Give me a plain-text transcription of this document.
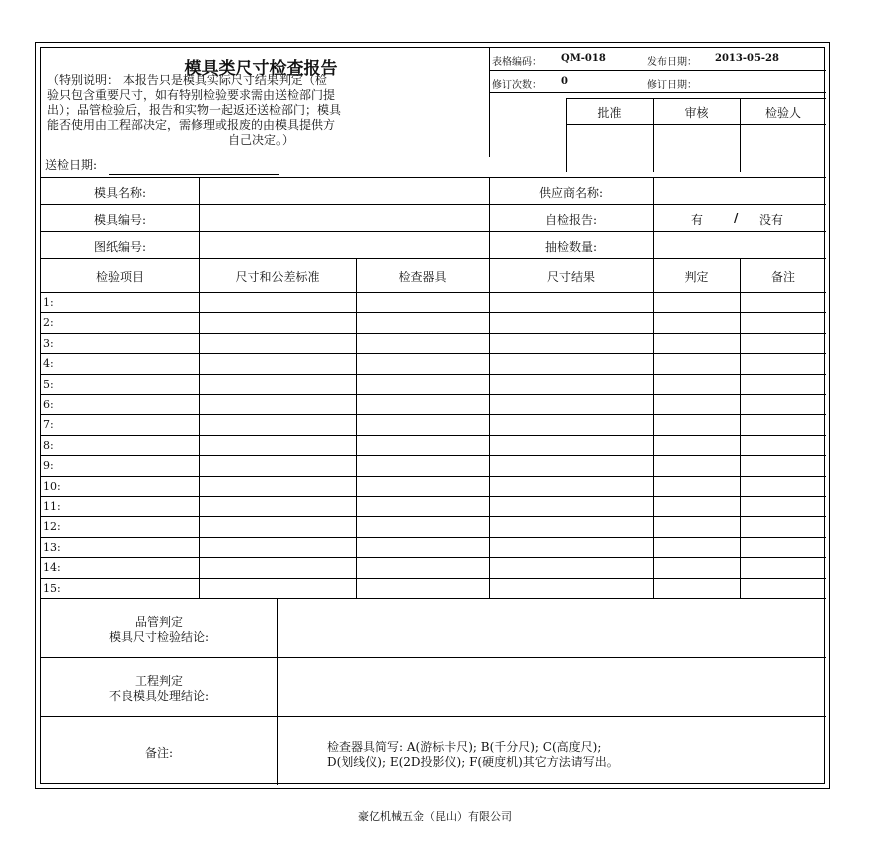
模具类尺寸检查报告
（特别说明： 本报告只是模具实际尺寸结果判定（检
验只包含重要尺寸，如有特别检验要求需由送检部门提
出）；品管检验后，报告和实物一起返还送检部门；模具
能否使用由工程部决定，需修理或报废的由模具提供方
自己决定。）
送检日期:
表格编码： QM-018	发布日期： 2013-05-28
修订次数： 0	修订日期：
批准	审核	检验人
模具名称:	供应商名称:
模具编号:	自检报告:	有	/ 没有
图纸编号:	抽检数量:
检验项目	尺寸和公差标准	检查器具	尺寸结果	判定	备注
1:
2:
3:
4:
5:
6:
7:
8:
9:
10:
11:
12:
13:
14:
15:
品管判定
模具尺寸检验结论:
工程判定
不良模具处理结论:
备注:	检查器具简写: A(游标卡尺); B(千分尺); C(高度尺);
D(划线仪); E(2D投影仪); F(硬度机)其它方法请写出。
豪亿机械五金（昆山）有限公司
